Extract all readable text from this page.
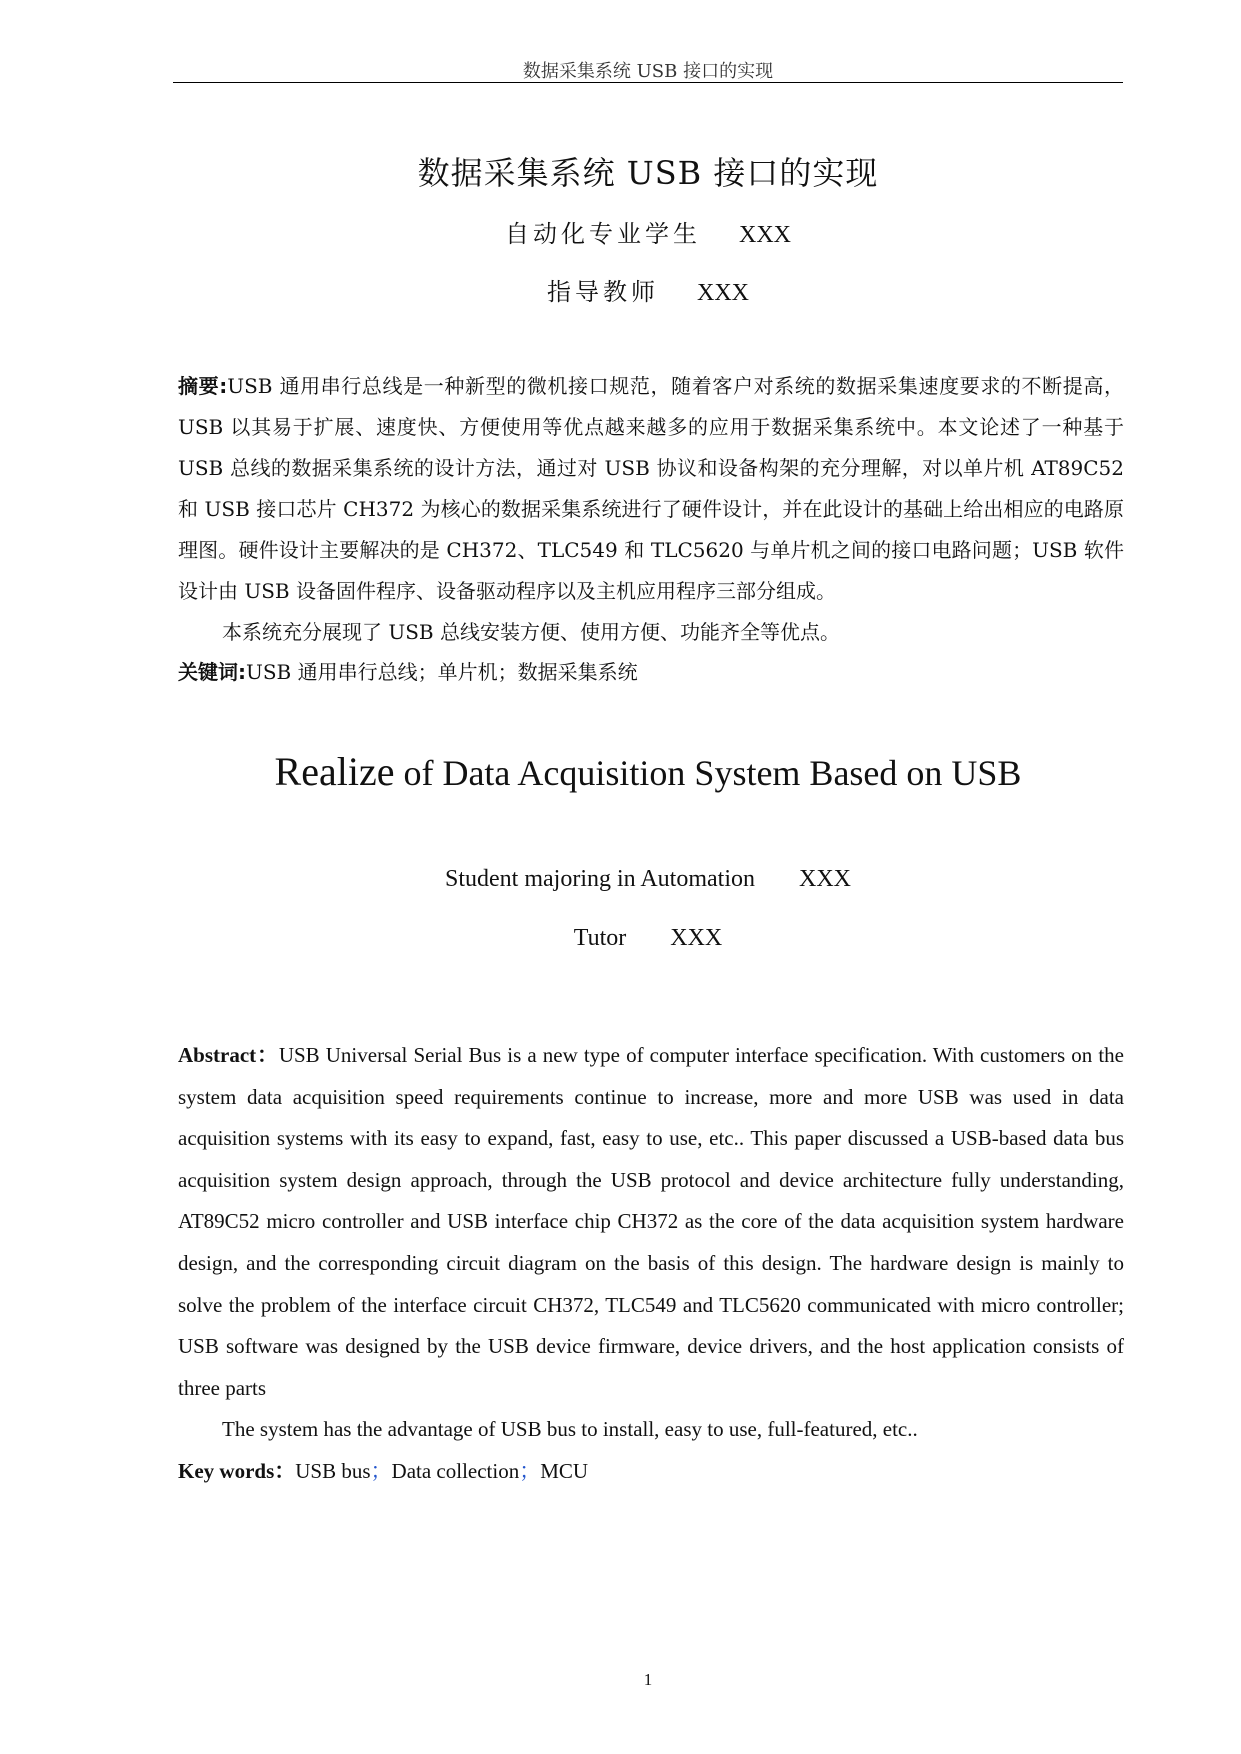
数据采集系统 USB 接口的实现
数据采集系统 USB 接口的实现
自动化专业学生 XXX
指导教师 XXX

摘要:USB 通用串行总线是一种新型的微机接口规范，随着客户对系统的数据采集速度要求的不断提高，USB 以其易于扩展、速度快、方便使用等优点越来越多的应用于数据采集系统中。本文论述了一种基于 USB 总线的数据采集系统的设计方法，通过对 USB 协议和设备构架的充分理解，对以单片机 AT89C52 和 USB 接口芯片 CH372 为核心的数据采集系统进行了硬件设计，并在此设计的基础上给出相应的电路原理图。硬件设计主要解决的是 CH372、TLC549 和 TLC5620 与单片机之间的接口电路问题；USB 软件设计由 USB 设备固件程序、设备驱动程序以及主机应用程序三部分组成。

本系统充分展现了 USB 总线安装方便、使用方便、功能齐全等优点。

关键词:USB 通用串行总线；单片机；数据采集系统
Realize of Data Acquisition System Based on USB
Student majoring in Automation XXX
Tutor XXX

Abstract：USB Universal Serial Bus is a new type of computer interface specification. With customers on the system data acquisition speed requirements continue to increase, more and more USB was used in data acquisition systems with its easy to expand, fast, easy to use, etc.. This paper discussed a USB-based data bus acquisition system design approach, through the USB protocol and device architecture fully understanding, AT89C52 micro controller and USB interface chip CH372 as the core of the data acquisition system hardware design, and the corresponding circuit diagram on the basis of this design. The hardware design is mainly to solve the problem of the interface circuit CH372, TLC549 and TLC5620 communicated with micro controller; USB software was designed by the USB device firmware, device drivers, and the host application consists of three parts

The system has the advantage of USB bus to install, easy to use, full-featured, etc..

Key words：USB bus；Data collection；MCU
1
